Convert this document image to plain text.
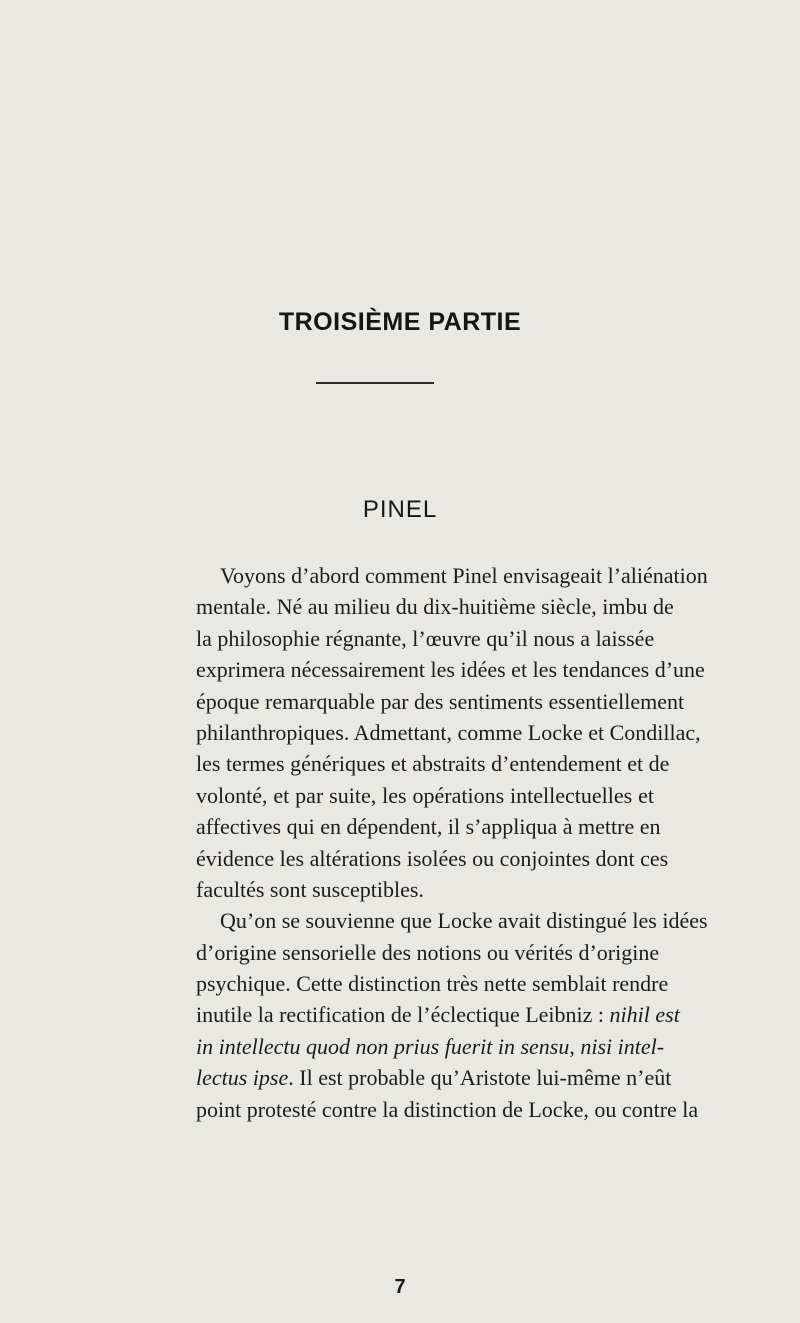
TROISIÈME PARTIE
PINEL
Voyons d’abord comment Pinel envisageait l’aliénation
mentale. Né au milieu du dix-huitième siècle, imbu de
la philosophie régnante, l’œuvre qu’il nous a laissée
exprimera nécessairement les idées et les tendances d’une
époque remarquable par des sentiments essentiellement
philanthropiques. Admettant, comme Locke et Condillac,
les termes génériques et abstraits d’entendement et de
volonté, et par suite, les opérations intellectuelles et
affectives qui en dépendent, il s’appliqua à mettre en
évidence les altérations isolées ou conjointes dont ces
facultés sont susceptibles.
Qu’on se souvienne que Locke avait distingué les idées
d’origine sensorielle des notions ou vérités d’origine
psychique. Cette distinction très nette semblait rendre
inutile la rectification de l’éclectique Leibniz : nihil est
in intellectu quod non prius fuerit in sensu, nisi intel-
lectus ipse. Il est probable qu’Aristote lui-même n’eût
point protesté contre la distinction de Locke, ou contre la
7
